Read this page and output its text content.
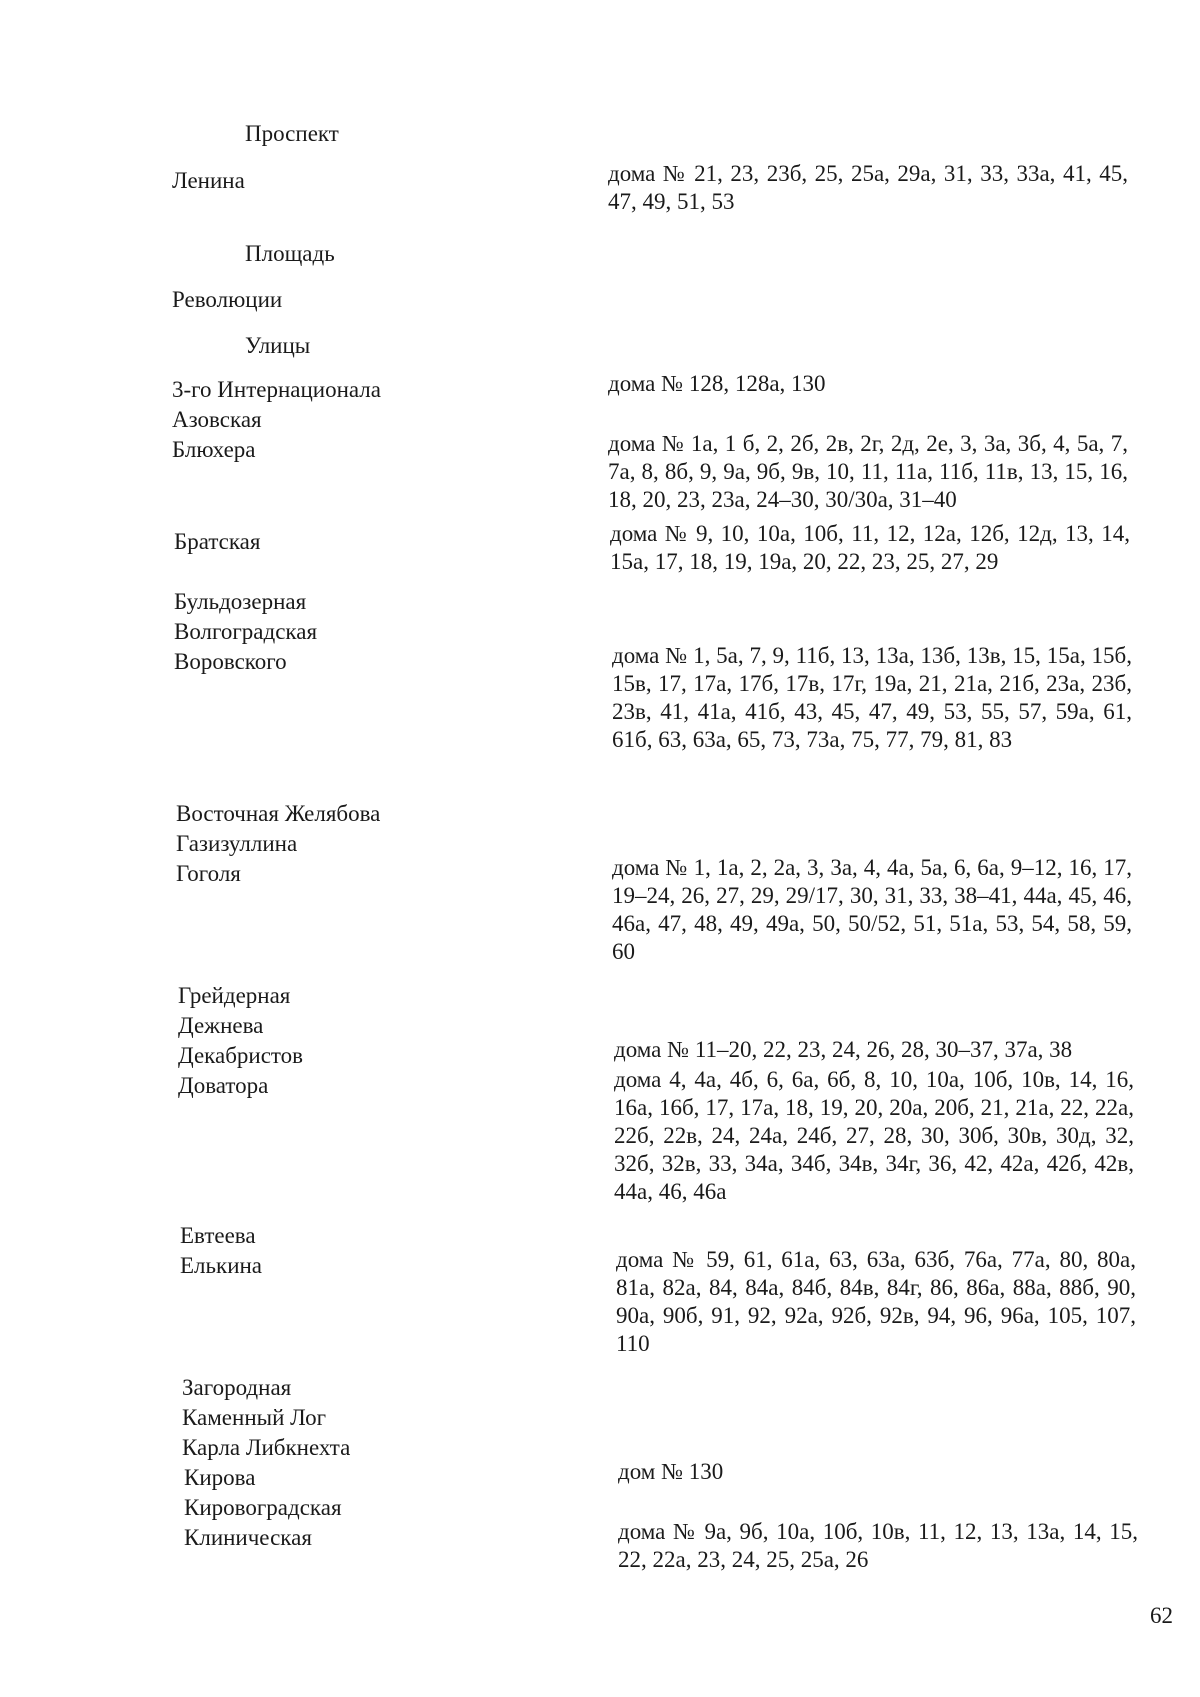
Проспект
Ленина	дома № 21, 23, 23б, 25, 25а, 29а, 31, 33, 33а, 41, 45, 47, 49, 51, 53
Площадь
Революции
Улицы
3-го Интернационала	дома № 128, 128а, 130
Азовская
Блюхера	дома № 1а, 1 б, 2, 2б, 2в, 2г, 2д, 2е, 3, 3а, 3б, 4, 5а, 7, 7а, 8, 8б, 9, 9а, 9б, 9в, 10, 11, 11а, 11б, 11в, 13, 15, 16, 18, 20, 23, 23а, 24–30, 30/30а, 31–40
Братская	дома № 9, 10, 10а, 10б, 11, 12, 12а, 12б, 12д, 13, 14, 15а, 17, 18, 19, 19а, 20, 22, 23, 25, 27, 29
Бульдозерная
Волгоградская
Воровского	дома № 1, 5а, 7, 9, 11б, 13, 13а, 13б, 13в, 15, 15а, 15б, 15в, 17, 17а, 17б, 17в, 17г, 19а, 21, 21а, 21б, 23а, 23б, 23в, 41, 41а, 41б, 43, 45, 47, 49, 53, 55, 57, 59а, 61, 61б, 63, 63а, 65, 73, 73а, 75, 77, 79, 81, 83
Восточная Желябова
Газизуллина
Гоголя	дома № 1, 1а, 2, 2а, 3, 3а, 4, 4а, 5а, 6, 6а, 9–12, 16, 17, 19–24, 26, 27, 29, 29/17, 30, 31, 33, 38–41, 44а, 45, 46, 46а, 47, 48, 49, 49а, 50, 50/52, 51, 51а, 53, 54, 58, 59, 60
Грейдерная
Дежнева
Декабристов	дома № 11–20, 22, 23, 24, 26, 28, 30–37, 37а, 38
Доватора	дома 4, 4а, 4б, 6, 6а, 6б, 8, 10, 10а, 10б, 10в, 14, 16, 16а, 16б, 17, 17а, 18, 19, 20, 20а, 20б, 21, 21а, 22, 22а, 22б, 22в, 24, 24а, 24б, 27, 28, 30, 30б, 30в, 30д, 32, 32б, 32в, 33, 34а, 34б, 34в, 34г, 36, 42, 42а, 42б, 42в, 44а, 46, 46а
Евтеева
Елькина	дома № 59, 61, 61а, 63, 63а, 63б, 76а, 77а, 80, 80а, 81а, 82а, 84, 84а, 84б, 84в, 84г, 86, 86а, 88а, 88б, 90, 90а, 90б, 91, 92, 92а, 92б, 92в, 94, 96, 96а, 105, 107, 110
Загородная
Каменный Лог
Карла Либкнехта
Кирова	дом № 130
Кировоградская
Клиническая	дома № 9а, 9б, 10а, 10б, 10в, 11, 12, 13, 13а, 14, 15, 22, 22а, 23, 24, 25, 25а, 26
62
